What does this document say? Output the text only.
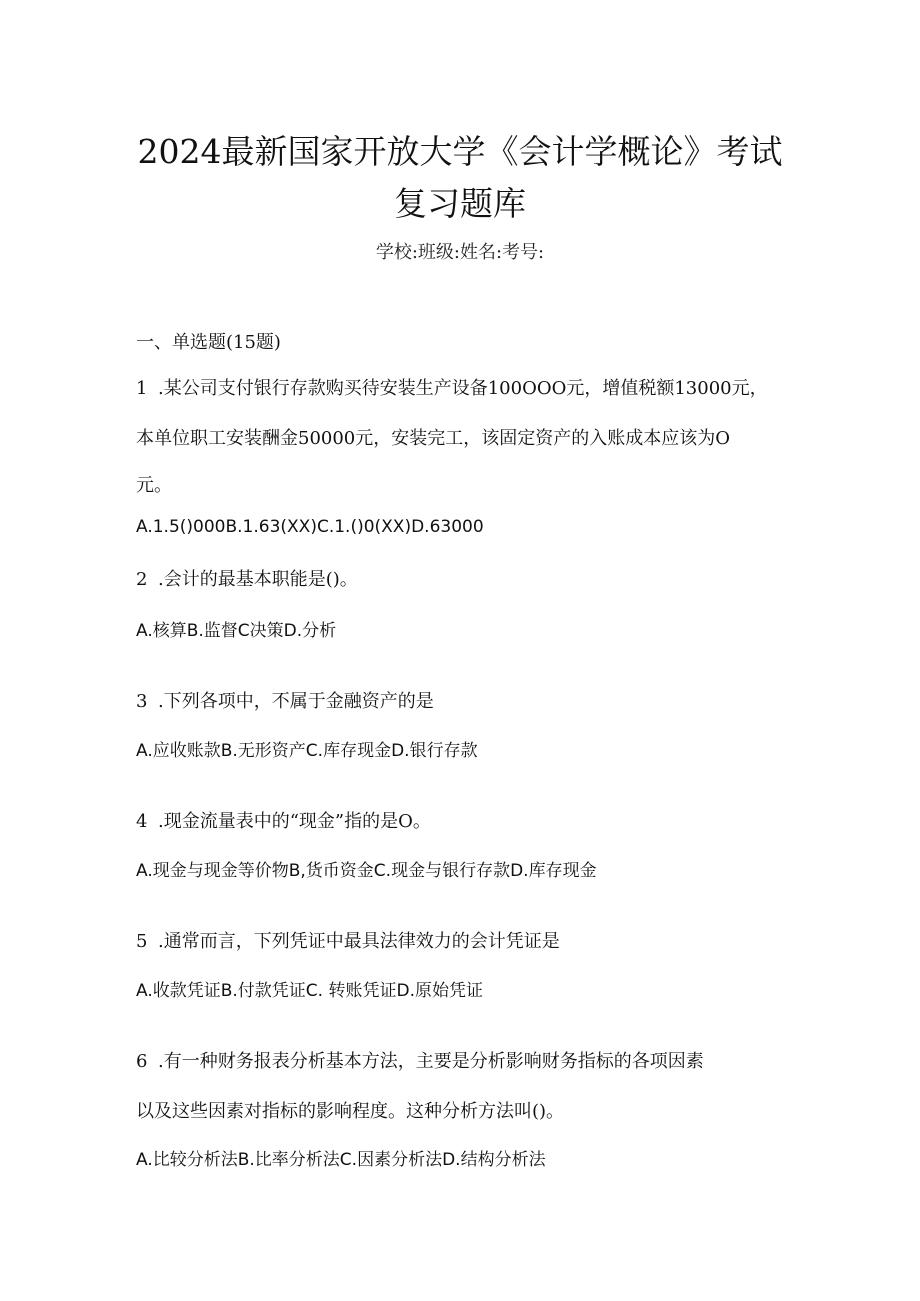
2024最新国家开放大学《会计学概论》考试
复习题库
学校:班级:姓名:考号:
一、单选题(15题)
1 .某公司支付银行存款购买待安装生产设备100OOO元，增值税额13000元，
本单位职工安装酬金50000元，安装完工，该固定资产的入账成本应该为O
元。
A.1.5()000B.1.63(XX)C.1.()0(XX)D.63000
2 .会计的最基本职能是()。
A.核算B.监督C决策D.分析
3 .下列各项中，不属于金融资产的是
A.应收账款B.无形资产C.库存现金D.银行存款
4 .现金流量表中的“现金”指的是O。
A.现金与现金等价物B,货币资金C.现金与银行存款D.库存现金
5 .通常而言，下列凭证中最具法律效力的会计凭证是
A.收款凭证B.付款凭证C. 转账凭证D.原始凭证
6 .有一种财务报表分析基本方法，主要是分析影响财务指标的各项因素
以及这些因素对指标的影响程度。这种分析方法叫()。
A.比较分析法B.比率分析法C.因素分析法D.结构分析法
